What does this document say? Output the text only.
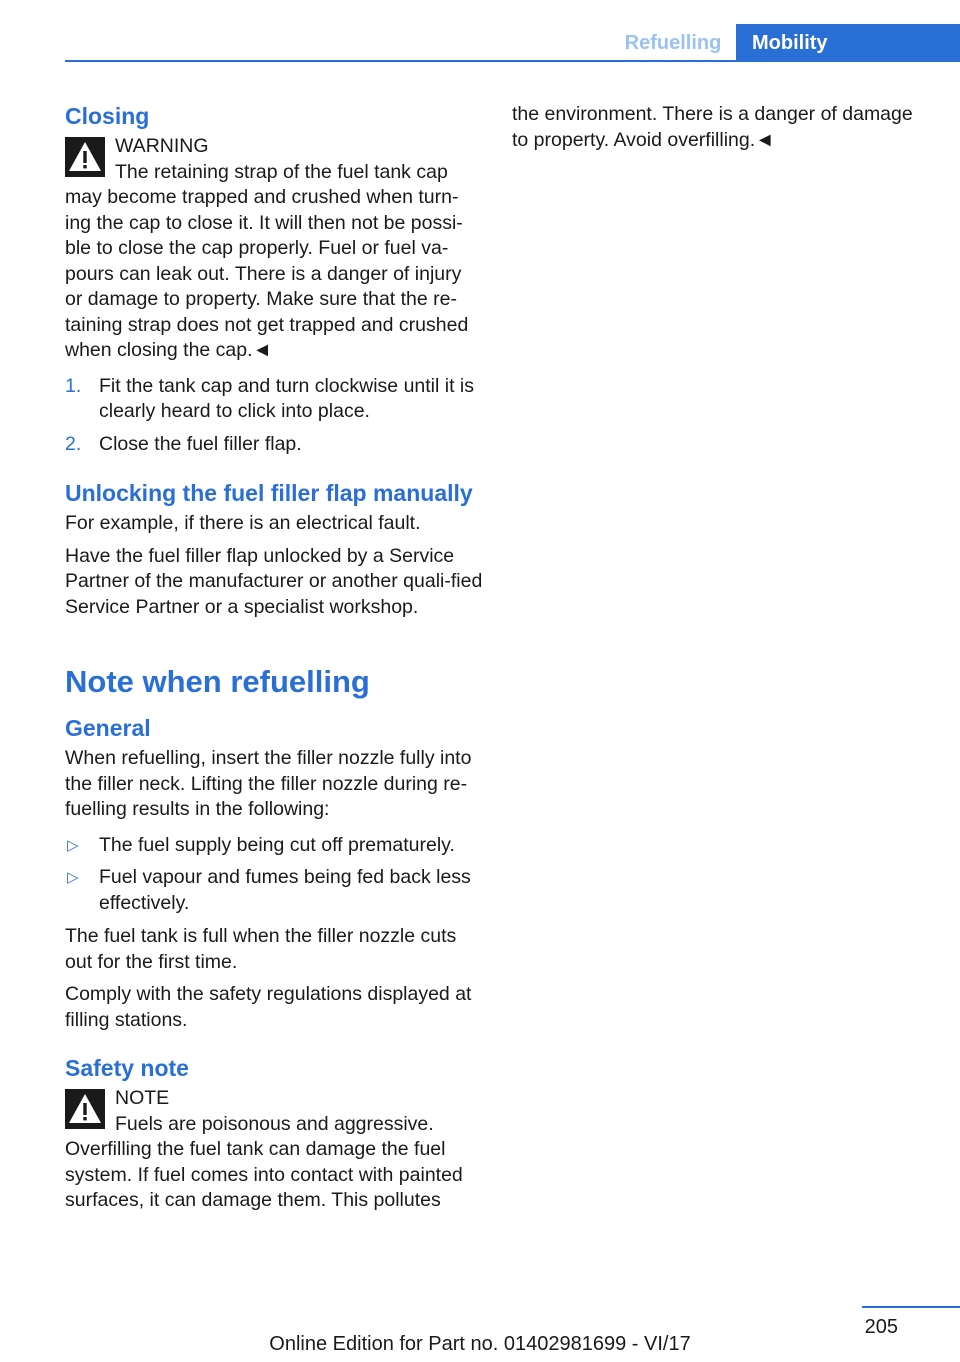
Refuelling	Mobility
Closing
WARNING
The retaining strap of the fuel tank cap may become trapped and crushed when turn-ing the cap to close it. It will then not be possi-ble to close the cap properly. Fuel or fuel va-pours can leak out. There is a danger of injury or damage to property. Make sure that the re-taining strap does not get trapped and crushed when closing the cap.◄
1. Fit the tank cap and turn clockwise until it is clearly heard to click into place.
2. Close the fuel filler flap.
Unlocking the fuel filler flap manually

For example, if there is an electrical fault.

Have the fuel filler flap unlocked by a Service Partner of the manufacturer or another quali-fied Service Partner or a specialist workshop.

Note when refuelling
General

When refuelling, insert the filler nozzle fully into the filler neck. Lifting the filler nozzle during re-fuelling results in the following:

▷ The fuel supply being cut off prematurely.
▷ Fuel vapour and fumes being fed back less effectively.

The fuel tank is full when the filler nozzle cuts out for the first time.

Comply with the safety regulations displayed at filling stations.

Safety note
NOTE
Fuels are poisonous and aggressive. Overfilling the fuel tank can damage the fuel system. If fuel comes into contact with painted surfaces, it can damage them. This pollutes

the environment. There is a danger of damage to property. Avoid overfilling.◄

205
Online Edition for Part no. 01402981699 - VI/17
